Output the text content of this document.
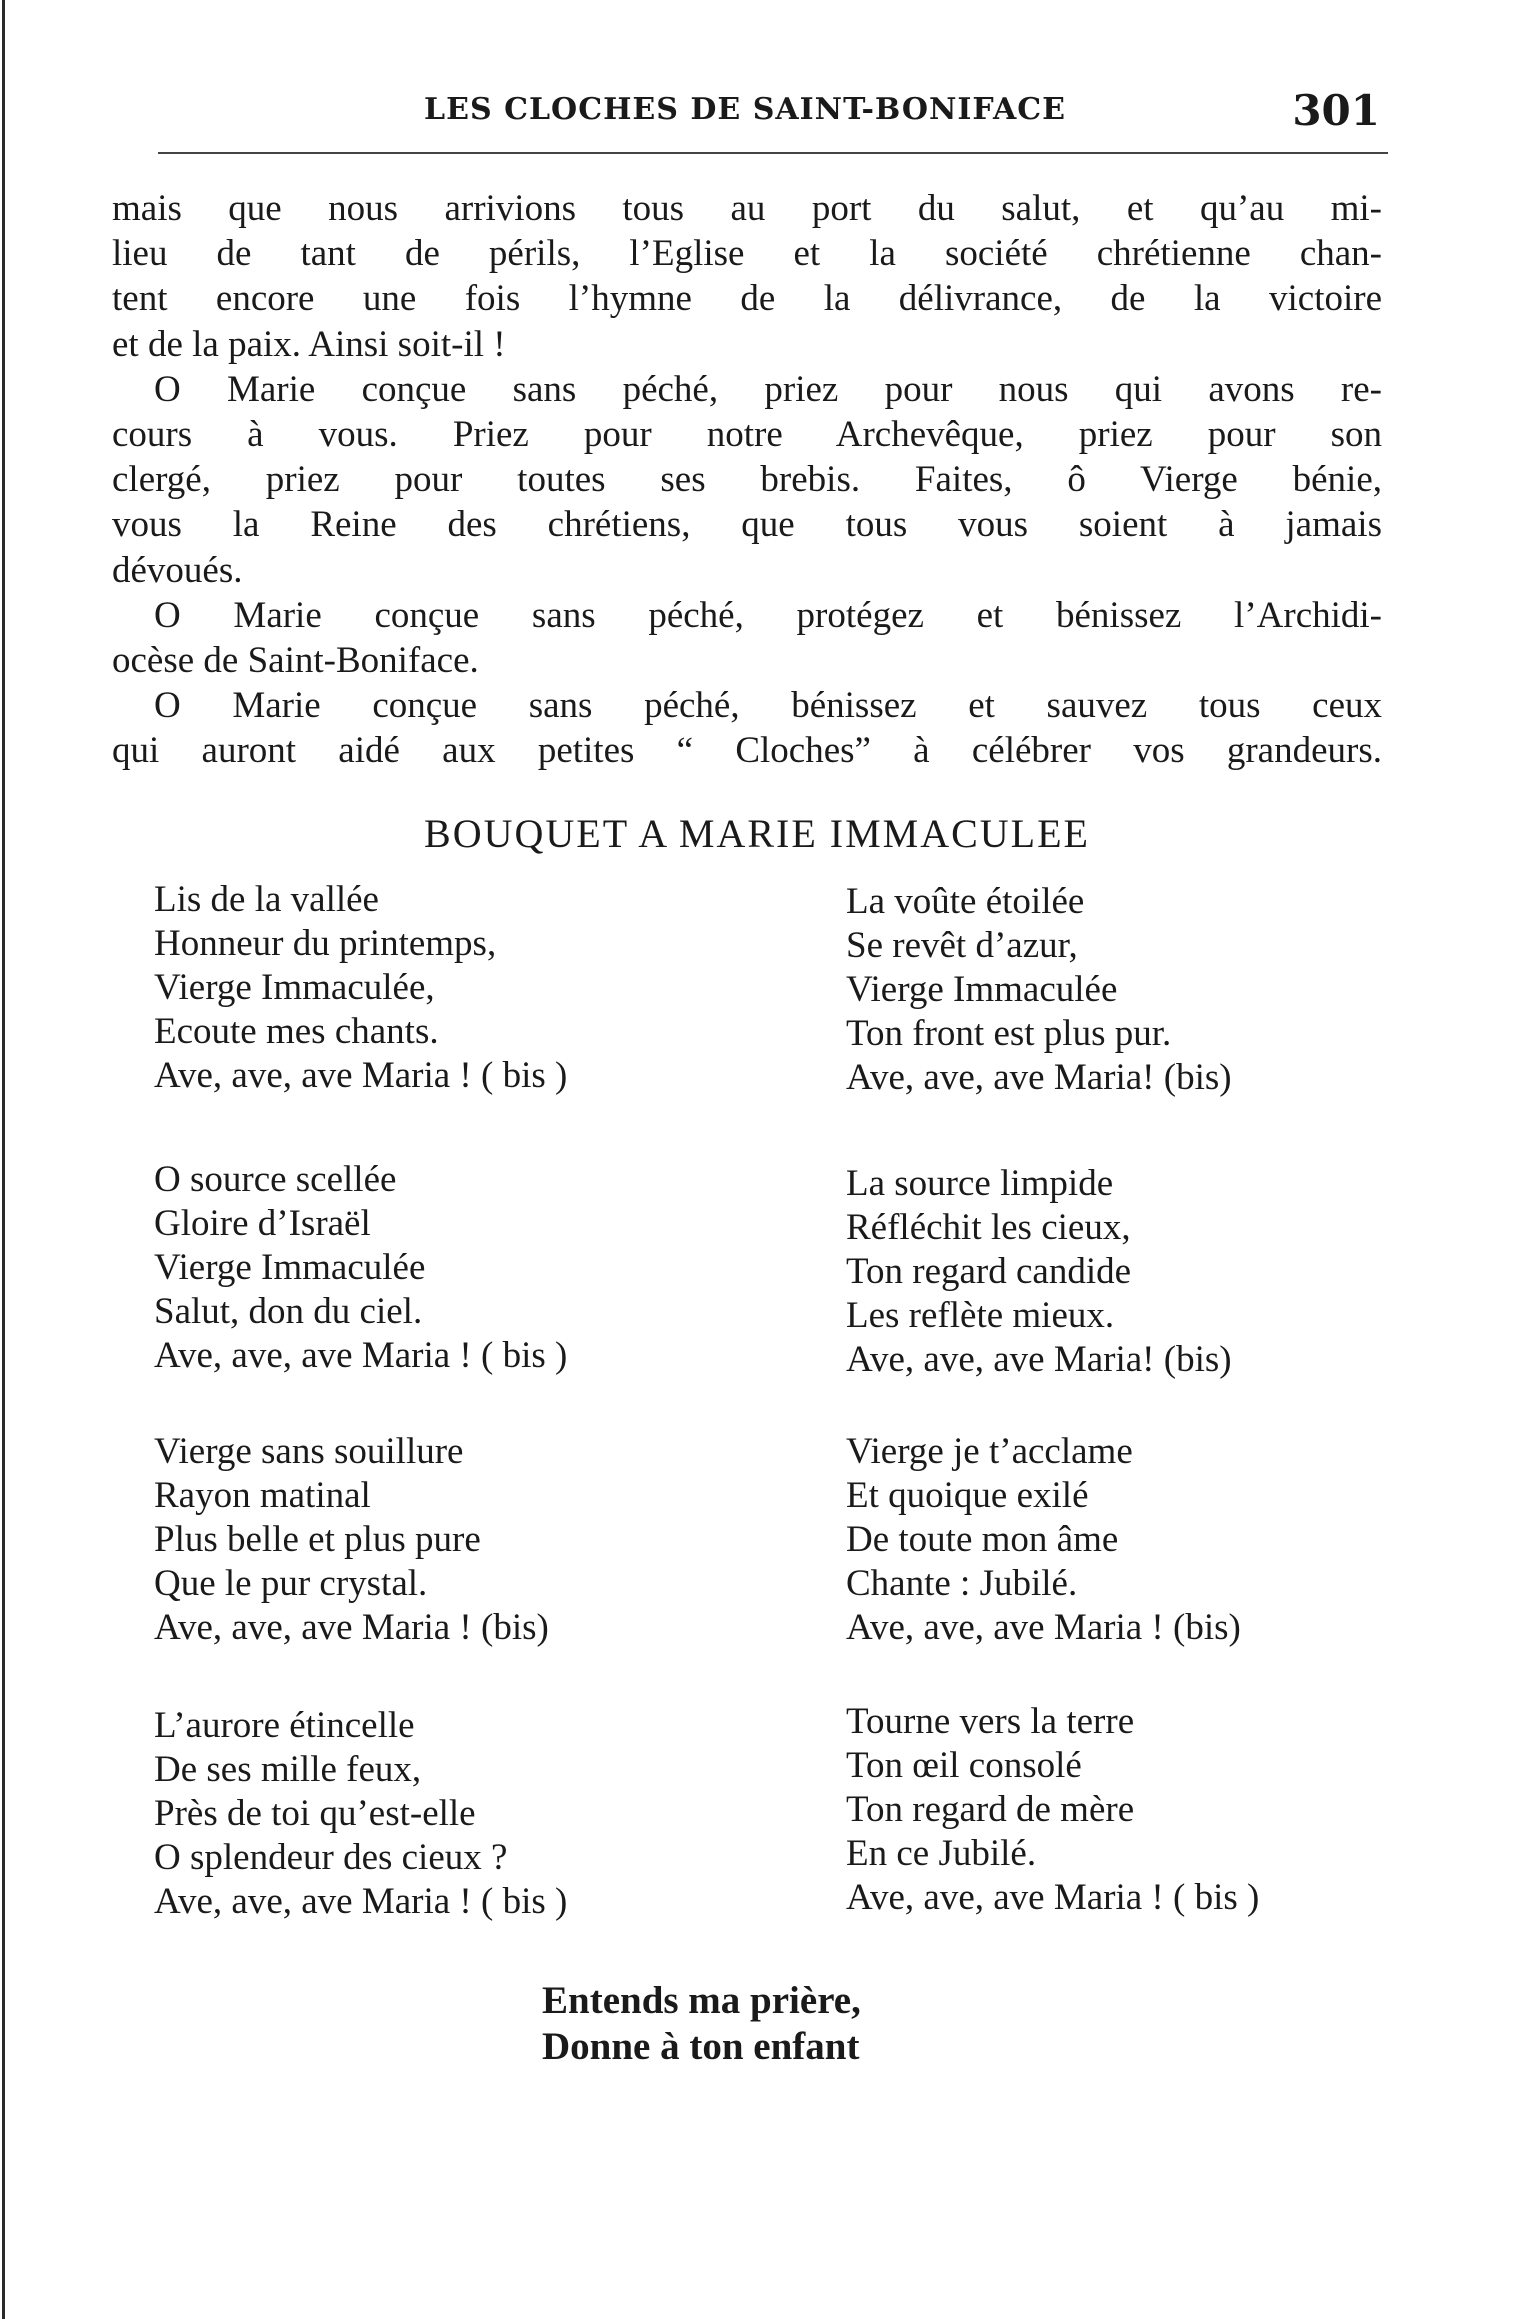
LES CLOCHES DE SAINT-BONIFACE	301
mais que nous arrivions tous au port du salut, et qu’au mi-
lieu de tant de périls, l’Eglise et la société chrétienne chan-
tent encore une fois l’hymne de la délivrance, de la victoire
et de la paix. Ainsi soit-il !
O Marie conçue sans péché, priez pour nous qui avons re-
cours à vous. Priez pour notre Archevêque, priez pour son
clergé, priez pour toutes ses brebis. Faites, ô Vierge bénie,
vous la Reine des chrétiens, que tous vous soient à jamais
dévoués.
O Marie conçue sans péché, protégez et bénissez l’Archidi-
ocèse de Saint-Boniface.
O Marie conçue sans péché, bénissez et sauvez tous ceux
qui auront aidé aux petites “ Cloches” à célébrer vos grandeurs.
BOUQUET A MARIE IMMACULEE
Lis de la vallée
Honneur du printemps,
Vierge Immaculée,
Ecoute mes chants.
Ave, ave, ave Maria ! ( bis )
O source scellée
Gloire d’Israël
Vierge Immaculée
Salut, don du ciel.
Ave, ave, ave Maria ! ( bis )
Vierge sans souillure
Rayon matinal
Plus belle et plus pure
Que le pur crystal.
Ave, ave, ave Maria ! (bis)
L’aurore étincelle
De ses mille feux,
Près de toi qu’est-elle
O splendeur des cieux ?
Ave, ave, ave Maria ! ( bis )
La voûte étoilée
Se revêt d’azur,
Vierge Immaculée
Ton front est plus pur.
Ave, ave, ave Maria! (bis)
La source limpide
Réfléchit les cieux,
Ton regard candide
Les reflète mieux.
Ave, ave, ave Maria! (bis)
Vierge je t’acclame
Et quoique exilé
De toute mon âme
Chante : Jubilé.
Ave, ave, ave Maria ! (bis)
Tourne vers la terre
Ton œil consolé
Ton regard de mère
En ce Jubilé.
Ave, ave, ave Maria ! ( bis )
Entends ma prière,
Donne à ton enfant
